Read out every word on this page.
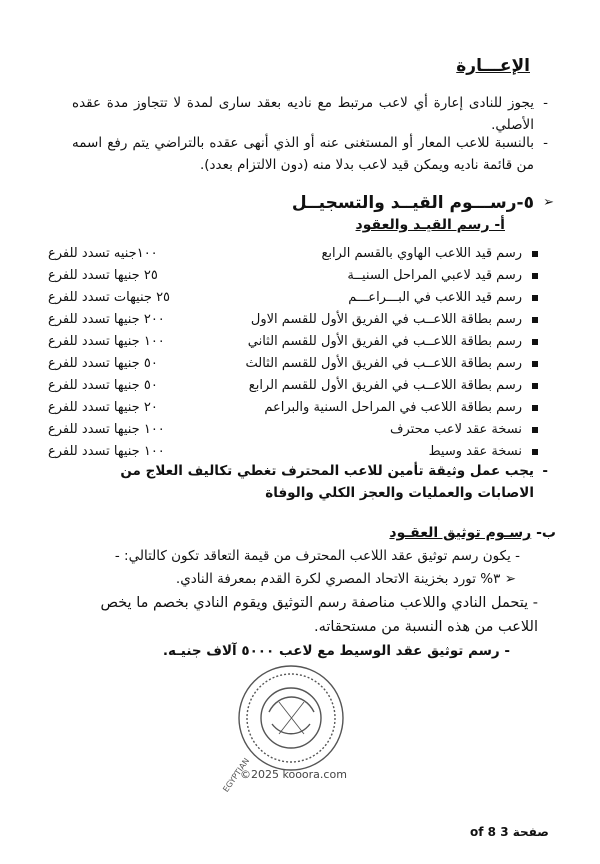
الإعـــارة
-
يجوز للنادى إعارة أي لاعب مرتبط مع ناديه بعقد سارى لمدة لا تتجاوز مدة عقده الأصلي.
-
بالنسبة للاعب المعار أو المستغنى عنه أو الذي أنهى عقده بالتراضي يتم رفع اسمه من قائمة ناديه ويمكن قيد لاعب بدلا منه (دون الالتزام بعدد).
➢
٥-رســـوم القيــد والتسجيــل
أ- رسم القيـد والعقود
رسم قيد اللاعب الهاوي بالقسم الرابع
١٠٠جنيه تسدد للفرع
رسم قيد لاعبي المراحل السنيــة
٢٥ جنيها تسدد للفرع
رسم قيد اللاعب في البـــراعـــم
٢٥ جنيهات تسدد للفرع
رسم بطاقة اللاعــب في الفريق الأول للقسم الاول
٢٠٠ جنيها تسدد للفرع
رسم بطاقة اللاعــب في الفريق الأول للقسم الثاني
١٠٠ جنيها تسدد للفرع
رسم بطاقة اللاعــب في الفريق الأول للقسم الثالث
٥٠ جنيها تسدد للفرع
رسم بطاقة اللاعــب في الفريق الأول للقسم الرابع
٥٠ جنيها تسدد للفرع
رسم بطاقة اللاعب في المراحل السنية والبراعم
٢٠ جنيها تسدد للفرع
نسخة عقد لاعب محترف
١٠٠ جنيها تسدد للفرع
نسخة عقد وسيط
١٠٠ جنيها تسدد للفرع
-
يجب عمل وثيقة تأمين للاعب المحترف تغطي تكاليف العلاج من الاصابات والعمليات والعجز الكلي والوفاة
ب- رسـوم توثيق العقـود
- يكون رسم توثيق عقد اللاعب المحترف من قيمة التعاقد تكون كالتالي: -
➢ ٣% تورد بخزينة الاتحاد المصري لكرة القدم بمعرفة النادي.
- يتحمل النادي واللاعب مناصفة رسم التوثيق ويقوم النادي بخصم ما يخص
اللاعب من هذه النسبة من مستحقاته.
- رسم توثيق عقد الوسيط مع لاعب ٥٠٠٠ آلاف جنيـه.
EGYPTIAN
©2025 kooora.com
صفحة 3 of 8
